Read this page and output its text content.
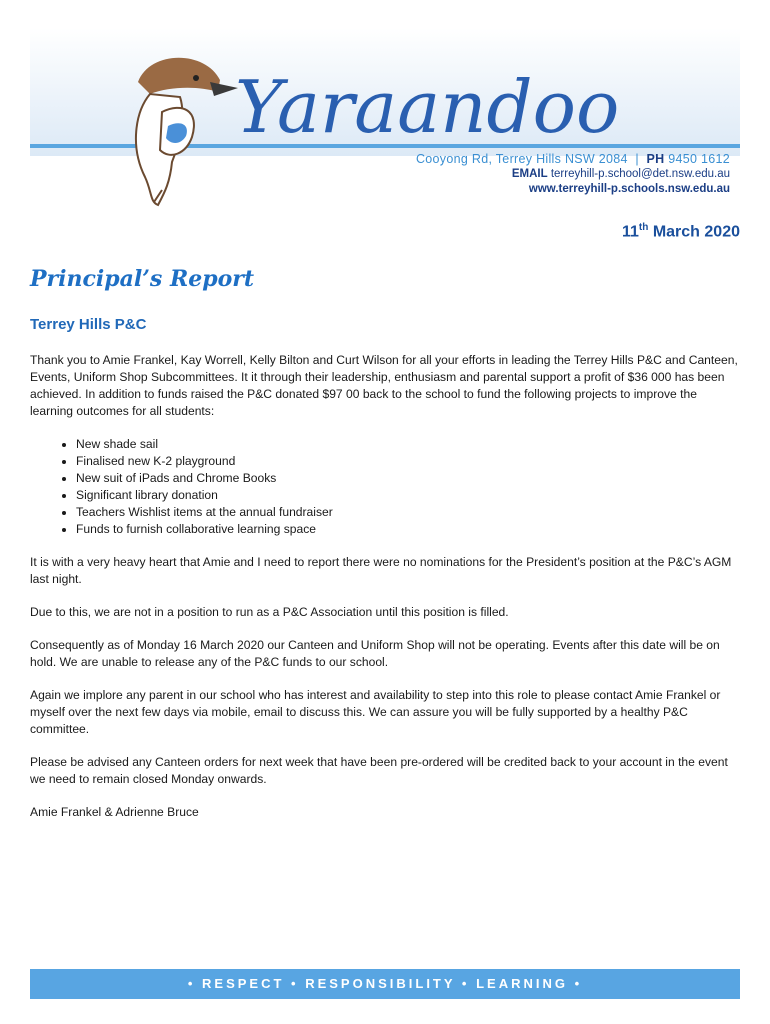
Yaraandoo
Cooyong Rd, Terrey Hills NSW 2084 | PH 9450 1612
EMAIL terreyhill-p.school@det.nsw.edu.au
www.terreyhill-p.schools.nsw.edu.au
11th March 2020
Principal’s Report
Terrey Hills P&C

Thank you to Amie Frankel, Kay Worrell, Kelly Bilton and Curt Wilson for all your efforts in leading the Terrey Hills P&C and Canteen, Events, Uniform Shop Subcommittees. It it through their leadership, enthusiasm and parental support a profit of $36 000 has been achieved. In addition to funds raised the P&C donated $97 00 back to the school to fund the following projects to improve the learning outcomes for all students:

• New shade sail
• Finalised new K-2 playground
• New suit of iPads and Chrome Books
• Significant library donation
• Teachers Wishlist items at the annual fundraiser
• Funds to furnish collaborative learning space

It is with a very heavy heart that Amie and I need to report there were no nominations for the President’s position at the P&C’s AGM last night.

Due to this, we are not in a position to run as a P&C Association until this position is filled.

Consequently as of Monday 16 March 2020 our Canteen and Uniform Shop will not be operating. Events after this date will be on hold. We are unable to release any of the P&C funds to our school.

Again we implore any parent in our school who has interest and availability to step into this role to please contact Amie Frankel or myself over the next few days via mobile, email to discuss this. We can assure you will be fully supported by a healthy P&C committee.

Please be advised any Canteen orders for next week that have been pre-ordered will be credited back to your account in the event we need to remain closed Monday onwards.

Amie Frankel & Adrienne Bruce

• RESPECT • RESPONSIBILITY • LEARNING •
